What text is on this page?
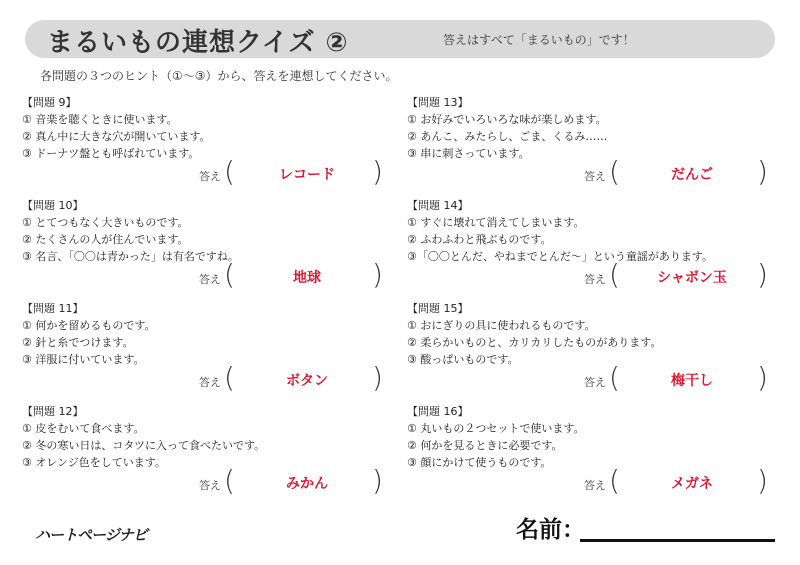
まるいもの連想クイズ ②	答えはすべて「まるいもの」です！
各問題の３つのヒント（①〜③）から、答えを連想してください。
【問題 9】
① 音楽を聴くときに使います。
② 真ん中に大きな穴が開いています。
③ ドーナツ盤とも呼ばれています。
答え (	レコード	)
【問題 10】
① とてつもなく大きいものです。
② たくさんの人が住んでいます。
③ 名言、「〇〇は青かった」は有名ですね。
答え (	地球	)
【問題 11】
① 何かを留めるものです。
② 針と糸でつけます。
③ 洋服に付いています。
答え (	ボタン	)
【問題 12】
① 皮をむいて食べます。
② 冬の寒い日は、コタツに入って食べたいです。
③ オレンジ色をしています。
答え (	みかん	)
【問題 13】
① お好みでいろいろな味が楽しめます。
② あんこ、みたらし、ごま、くるみ……
③ 串に刺さっています。
答え (	だんご	)
【問題 14】
① すぐに壊れて消えてしまいます。
② ふわふわと飛ぶものです。
③「〇〇とんだ、やねまでとんだ〜」という童謡があります。
答え (	シャボン玉	)
【問題 15】
① おにぎりの具に使われるものです。
② 柔らかいものと、カリカリしたものがあります。
③ 酸っぱいものです。
答え (	梅干し	)
【問題 16】
① 丸いもの２つセットで使います。
② 何かを見るときに必要です。
③ 顔にかけて使うものです。
答え (	メガネ	)
ハートページナビ	名前：
